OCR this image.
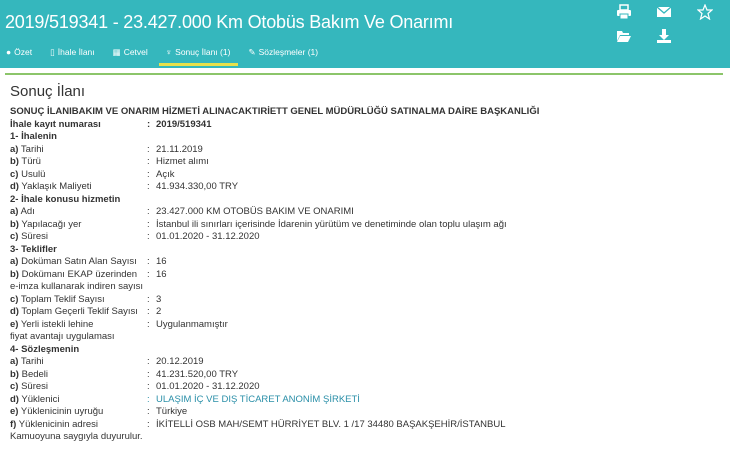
2019/519341 - 23.427.000 Km Otobüs Bakım Ve Onarımı
● Özet ▯ İhale İlanı ▦ Cetvel ♆ Sonuç İlanı (1) ✎ Sözleşmeler (1)
Sonuç İlanı
SONUÇ İLANIBAKIM VE ONARIM HİZMETİ ALINACAKTIRİETT GENEL MÜDÜRLÜĞÜ SATINALMA DAİRE BAŞKANLIĞI
İhale kayıt numarası	: 2019/519341
1- İhalenin
a) Tarihi	: 21.11.2019
b) Türü	: Hizmet alımı
c) Usulü	: Açık
d) Yaklaşık Maliyeti	: 41.934.330,00 TRY
2- İhale konusu hizmetin
a) Adı	: 23.427.000 KM OTOBÜS BAKIM VE ONARIMI
b) Yapılacağı yer	: İstanbul ili sınırları içerisinde İdarenin yürütüm ve denetiminde olan toplu ulaşım ağı
c) Süresi	: 01.01.2020 - 31.12.2020
3- Teklifler
a) Doküman Satın Alan Sayısı	: 16
b) Dokümanı EKAP üzerinden	: 16
e-imza kullanarak indiren sayısı
c) Toplam Teklif Sayısı	: 3
d) Toplam Geçerli Teklif Sayısı : 2
e) Yerli istekli lehine	: Uygulanmamıştır
fiyat avantajı uygulaması
4- Sözleşmenin
a) Tarihi	: 20.12.2019
b) Bedeli	: 41.231.520,00 TRY
c) Süresi	: 01.01.2020 - 31.12.2020
d) Yüklenici	: ULAŞIM İÇ VE DIŞ TİCARET ANONİM ŞİRKETİ
e) Yüklenicinin uyruğu	: Türkiye
f) Yüklenicinin adresi	: İKİTELLİ OSB MAH/SEMT HÜRRİYET BLV. 1 /17 34480 BAŞAKŞEHİR/İSTANBUL
Kamuoyuna saygıyla duyurulur.
